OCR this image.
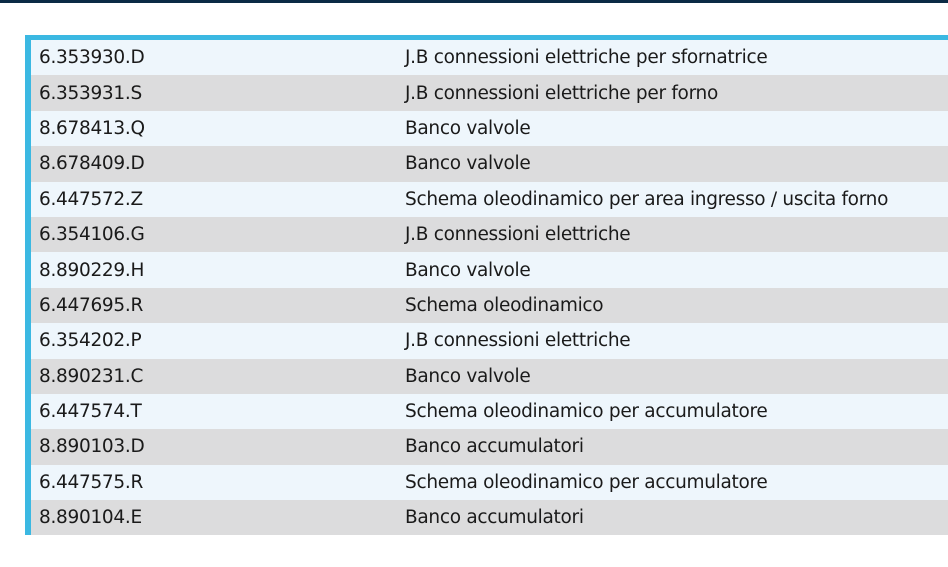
6.353930.D	J.B connessioni elettriche per sfornatrice
6.353931.S	J.B connessioni elettriche per forno
8.678413.Q	Banco valvole
8.678409.D	Banco valvole
6.447572.Z	Schema oleodinamico per area ingresso / uscita forno
6.354106.G	J.B connessioni elettriche
8.890229.H	Banco valvole
6.447695.R	Schema oleodinamico
6.354202.P	J.B connessioni elettriche
8.890231.C	Banco valvole
6.447574.T	Schema oleodinamico per accumulatore
8.890103.D	Banco accumulatori
6.447575.R	Schema oleodinamico per accumulatore
8.890104.E	Banco accumulatori
